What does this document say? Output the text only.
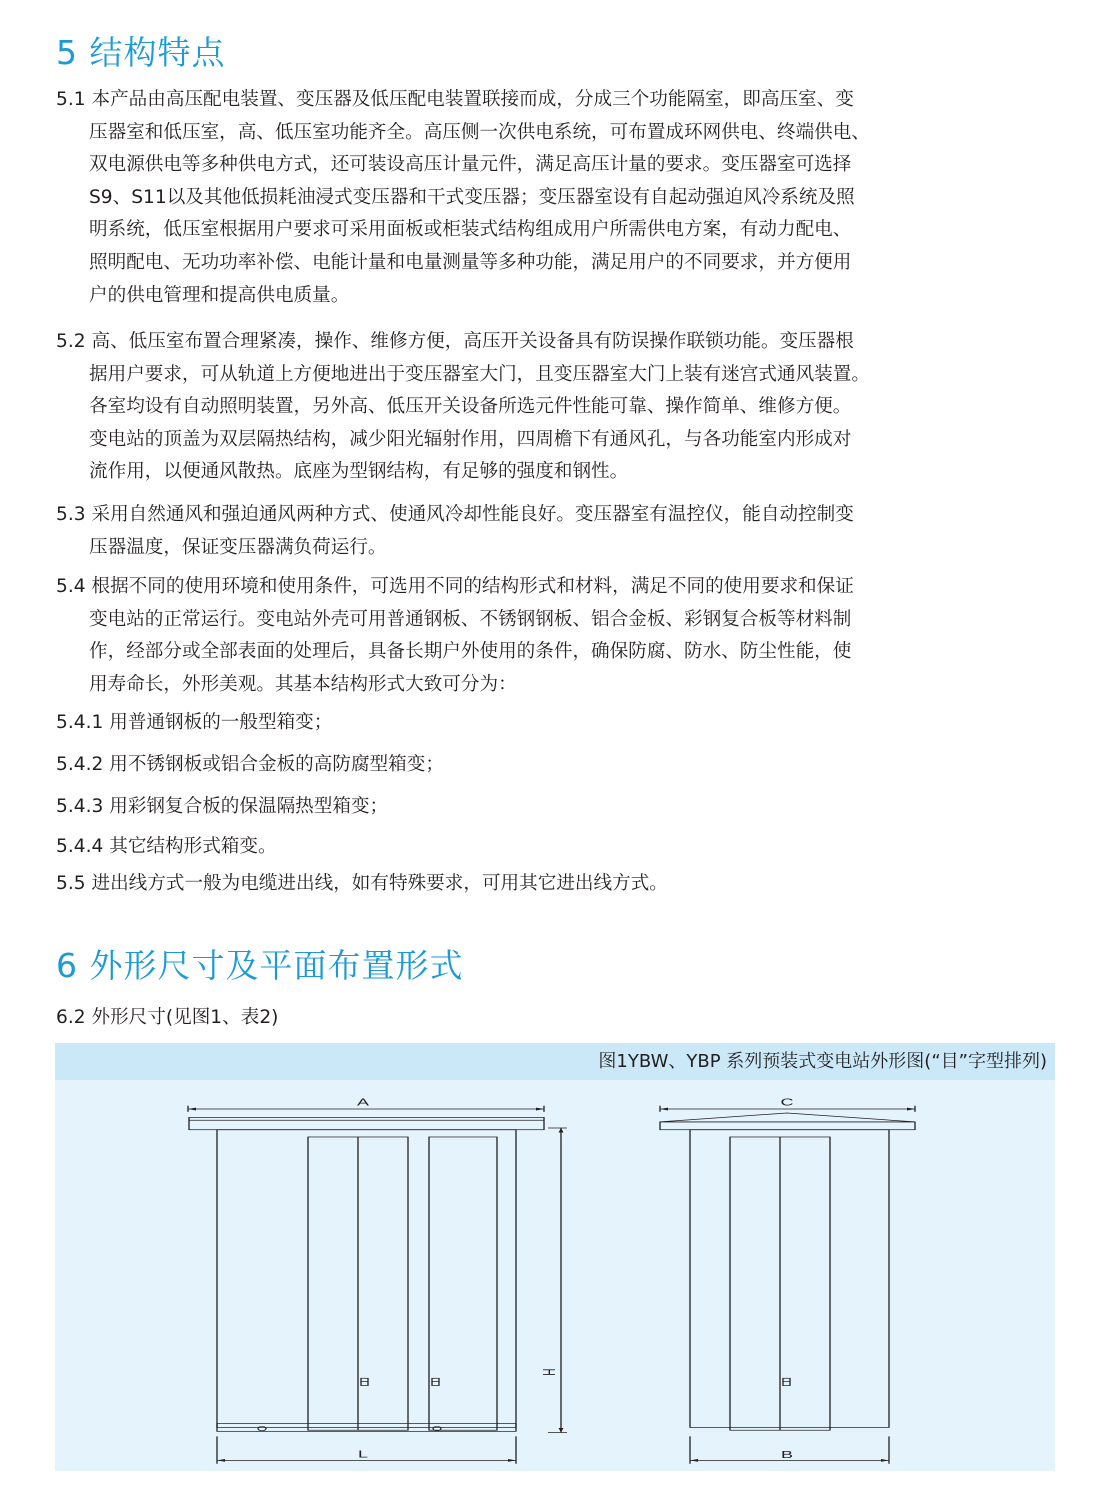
5 结构特点
5.1 本产品由高压配电装置、变压器及低压配电装置联接而成，分成三个功能隔室，即高压室、变
压器室和低压室，高、低压室功能齐全。高压侧一次供电系统，可布置成环网供电、终端供电、
双电源供电等多种供电方式，还可装设高压计量元件，满足高压计量的要求。变压器室可选择
S9、S11以及其他低损耗油浸式变压器和干式变压器；变压器室设有自起动强迫风冷系统及照
明系统，低压室根据用户要求可采用面板或柜装式结构组成用户所需供电方案，有动力配电、
照明配电、无功功率补偿、电能计量和电量测量等多种功能，满足用户的不同要求，并方便用
户的供电管理和提高供电质量。
5.2 高、低压室布置合理紧凑，操作、维修方便，高压开关设备具有防误操作联锁功能。变压器根
据用户要求，可从轨道上方便地进出于变压器室大门，且变压器室大门上装有迷宫式通风装置。
各室均设有自动照明装置，另外高、低压开关设备所选元件性能可靠、操作简单、维修方便。
变电站的顶盖为双层隔热结构，减少阳光辐射作用，四周檐下有通风孔，与各功能室内形成对
流作用，以便通风散热。底座为型钢结构，有足够的强度和钢性。
5.3 采用自然通风和强迫通风两种方式、使通风冷却性能良好。变压器室有温控仪，能自动控制变
压器温度，保证变压器满负荷运行。
5.4 根据不同的使用环境和使用条件，可选用不同的结构形式和材料，满足不同的使用要求和保证
变电站的正常运行。变电站外壳可用普通钢板、不锈钢钢板、铝合金板、彩钢复合板等材料制
作，经部分或全部表面的处理后，具备长期户外使用的条件，确保防腐、防水、防尘性能，使
用寿命长，外形美观。其基本结构形式大致可分为：
5.4.1 用普通钢板的一般型箱变；
5.4.2 用不锈钢板或铝合金板的高防腐型箱变；
5.4.3 用彩钢复合板的保温隔热型箱变；
5.4.4 其它结构形式箱变。
5.5 进出线方式一般为电缆进出线，如有特殊要求，可用其它进出线方式。
6 外形尺寸及平面布置形式
6.2 外形尺寸(见图1、表2)
图1YBW、YBP 系列预装式变电站外形图(“目”字型排列)
A	C
L	B
H
